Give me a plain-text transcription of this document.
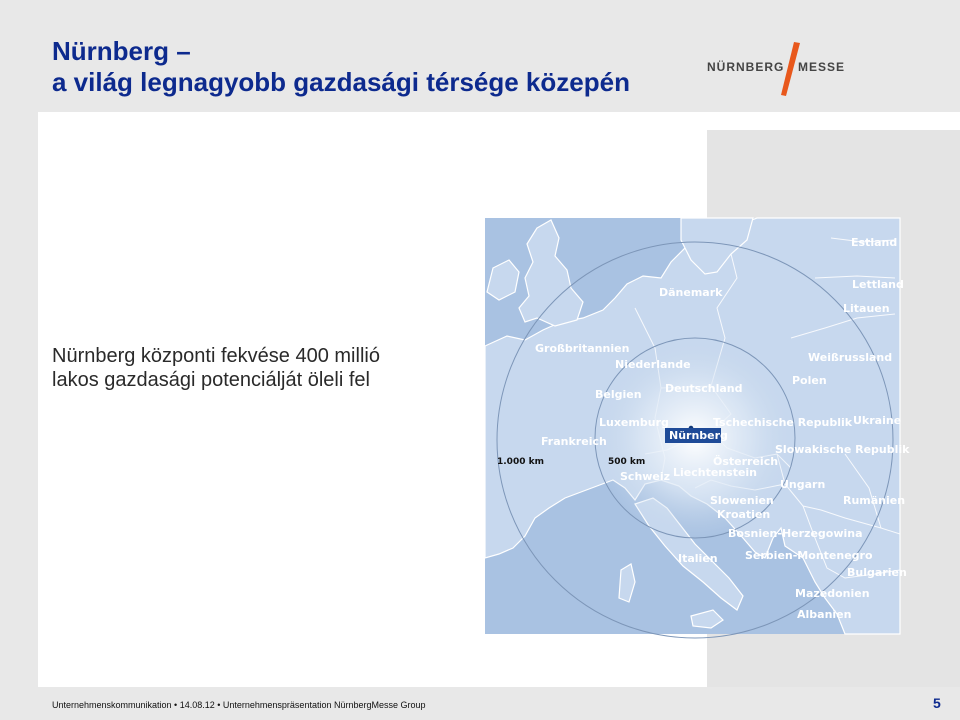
Nürnberg –
a világ legnagyobb gazdasági térsége közepén	NÜRNBERG MESSE
Nürnberg központi fekvése 400 millió
lakos gazdasági potenciálját öleli fel
Nürnberg
Estland
Dänemark
Lettland
Litauen
Großbritannien
Niederlande
Weißrussland
Deutschland
Polen
Belgien
Luxemburg	Tschechische Republik Ukraine
Frankreich
Slowakische Republik
Österreich
Schweiz Liechtenstein
Ungarn
Slowenien	Rumänien
Kroatien
Bosnien-Herzegowina
Italien Serbien-Montenegro
Bulgarien
Mazedonien
Albanien
500 km
1.000 km
Unternehmenskommunikation • 14.08.12 • Unternehmenspräsentation NürnbergMesse Group	5
